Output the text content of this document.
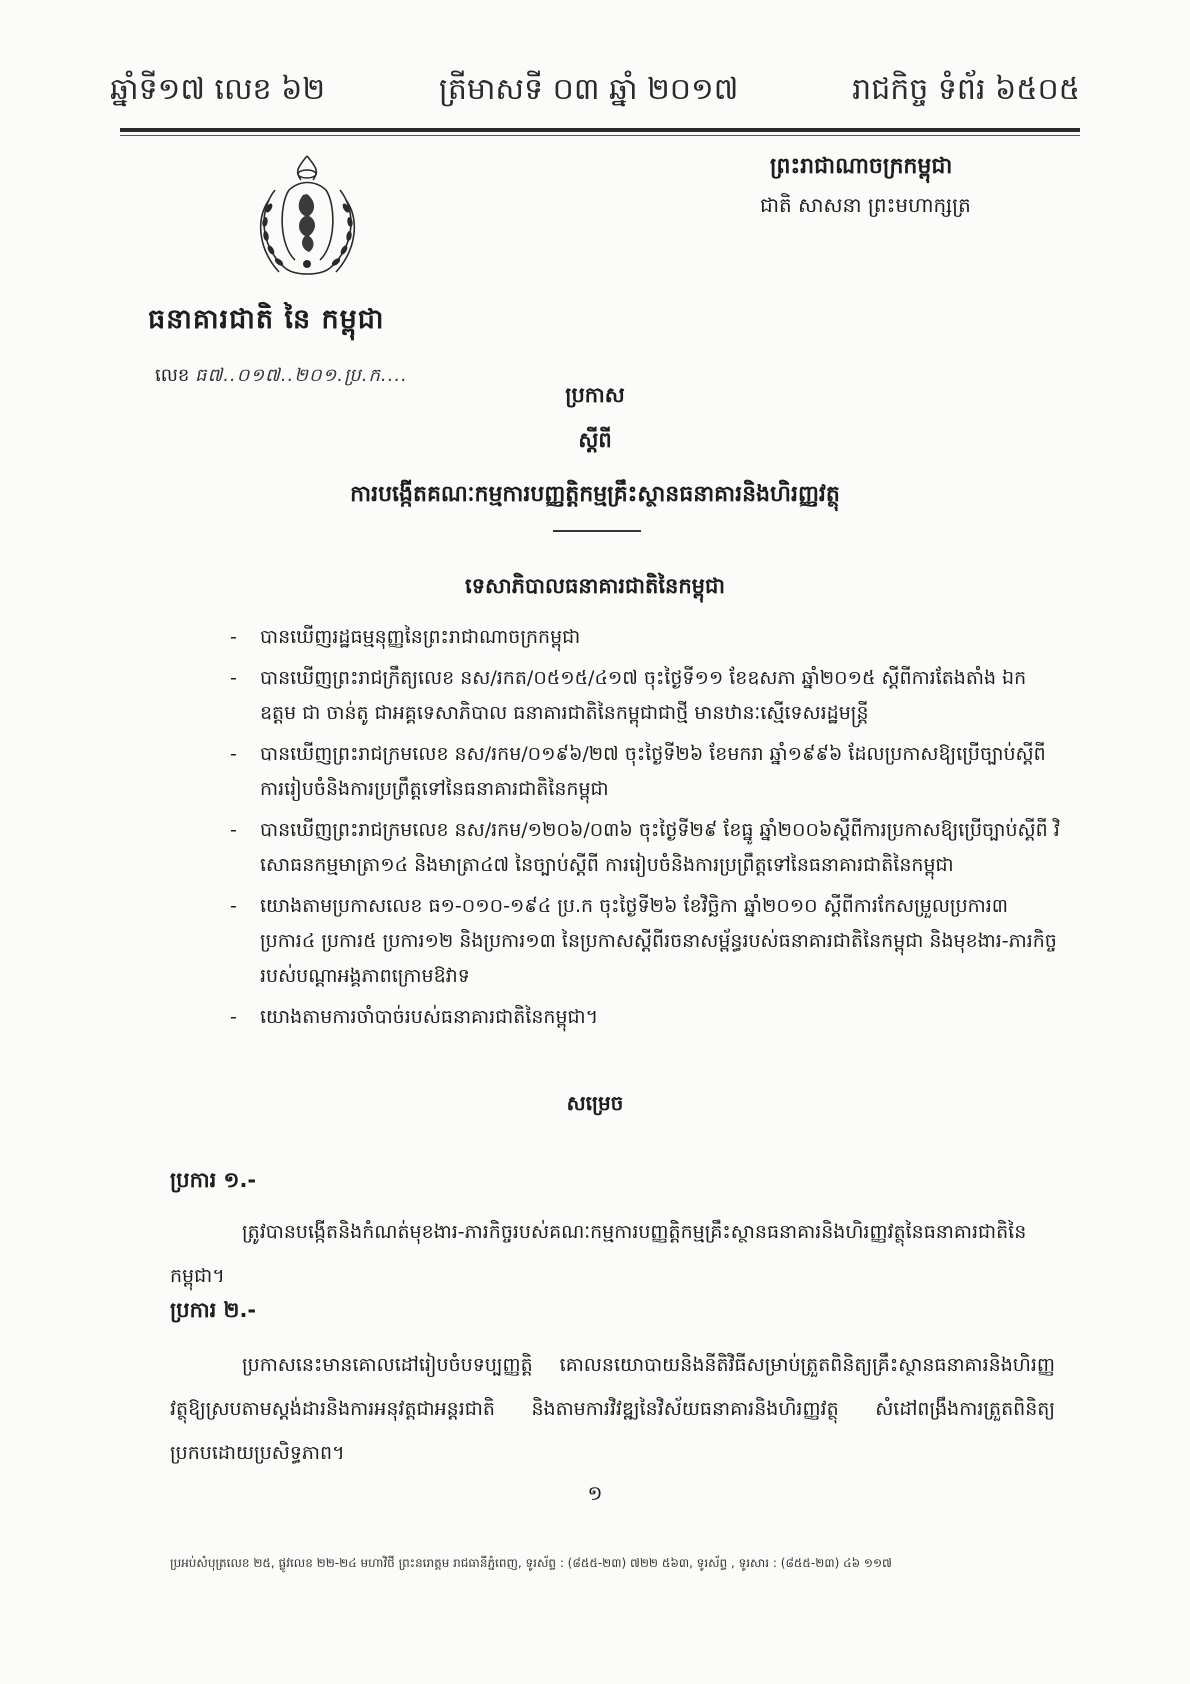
ឆ្នាំទី១៧ លេខ ៦២	ត្រីមាសទី ០៣ ឆ្នាំ ២០១៧	រាជកិច្ច ទំព័រ ៦៥០៥
ព្រះរាជាណាចក្រកម្ពុជា
ជាតិ សាសនា ព្រះមហាក្សត្រ
ធនាគារជាតិ នៃ កម្ពុជា
លេខ ធ៧..០១៧..២០១.ប្រ.ក....
ប្រកាស
ស្តីពី
ការបង្កើតគណៈកម្មការបញ្ញត្តិកម្មគ្រឹះស្ថានធនាគារនិងហិរញ្ញវត្ថុ
ទេសាភិបាលធនាគារជាតិនៃកម្ពុជា
- បានឃើញរដ្ឋធម្មនុញ្ញនៃព្រះរាជាណាចក្រកម្ពុជា
- បានឃើញព្រះរាជក្រឹត្យលេខ នស/រកត/០៥១៥/៤១៧ ចុះថ្ងៃទី១១ ខែឧសភា ឆ្នាំ២០១៥ ស្តីពីការតែងតាំង ឯកឧត្តម ជា ចាន់តូ ជាអគ្គទេសាភិបាល ធនាគារជាតិនៃកម្ពុជាជាថ្មី មានឋានៈស្មើទេសរដ្ឋមន្ត្រី
- បានឃើញព្រះរាជក្រមលេខ នស/រកម/០១៩៦/២៧ ចុះថ្ងៃទី២៦ ខែមករា ឆ្នាំ១៩៩៦ ដែលប្រកាសឱ្យប្រើច្បាប់ស្តីពី ការរៀបចំនិងការប្រព្រឹត្តទៅនៃធនាគារជាតិនៃកម្ពុជា
- បានឃើញព្រះរាជក្រមលេខ នស/រកម/១២០៦/០៣៦ ចុះថ្ងៃទី២៩ ខែធ្នូ ឆ្នាំ២០០៦ស្តីពីការប្រកាសឱ្យប្រើច្បាប់ស្តីពី វិសោធនកម្មមាត្រា១៤ និងមាត្រា៤៧ នៃច្បាប់ស្តីពី ការរៀបចំនិងការប្រព្រឹត្តទៅនៃធនាគារជាតិនៃកម្ពុជា
- យោងតាមប្រកាសលេខ ធ១-០១០-១៩៤ ប្រ.ក ចុះថ្ងៃទី២៦ ខែវិច្ឆិកា ឆ្នាំ២០១០ ស្តីពីការកែសម្រួលប្រការ៣ ប្រការ៤ ប្រការ៥ ប្រការ១២ និងប្រការ១៣ នៃប្រកាសស្តីពីរចនាសម្ព័ន្ធរបស់ធនាគារជាតិនៃកម្ពុជា និងមុខងារ-ភារកិច្ចរបស់បណ្តាអង្គភាពក្រោមឱវាទ
- យោងតាមការចាំបាច់របស់ធនាគារជាតិនៃកម្ពុជា។
សម្រេច
ប្រការ ១.-
ត្រូវបានបង្កើតនិងកំណត់មុខងារ-ភារកិច្ចរបស់គណៈកម្មការបញ្ញត្តិកម្មគ្រឹះស្ថានធនាគារនិងហិរញ្ញវត្ថុនៃធនាគារជាតិនៃកម្ពុជា។
ប្រការ ២.-
ប្រកាសនេះមានគោលដៅរៀបចំបទប្បញ្ញត្តិ គោលនយោបាយនិងនីតិវិធីសម្រាប់ត្រួតពិនិត្យគ្រឹះស្ថានធនាគារនិងហិរញ្ញវត្ថុឱ្យស្របតាមស្តង់ដារនិងការអនុវត្តជាអន្តរជាតិ និងតាមការវិវឌ្ឍនៃវិស័យធនាគារនិងហិរញ្ញវត្ថុ សំដៅពង្រឹងការត្រួតពិនិត្យប្រកបដោយប្រសិទ្ធភាព។
១
ប្រអប់សំបុត្រលេខ ២៥, ផ្លូវលេខ ២២-២៤ មហាវិថី ព្រះនរោត្តម រាជធានីភ្នំពេញ, ទូរស័ព្ទ : (៨៥៥-២៣) ៧២២ ៥៦៣, ទូរស័ព្ទ , ទូរសារ : (៨៥៥-២៣) ៤៦ ១១៧
